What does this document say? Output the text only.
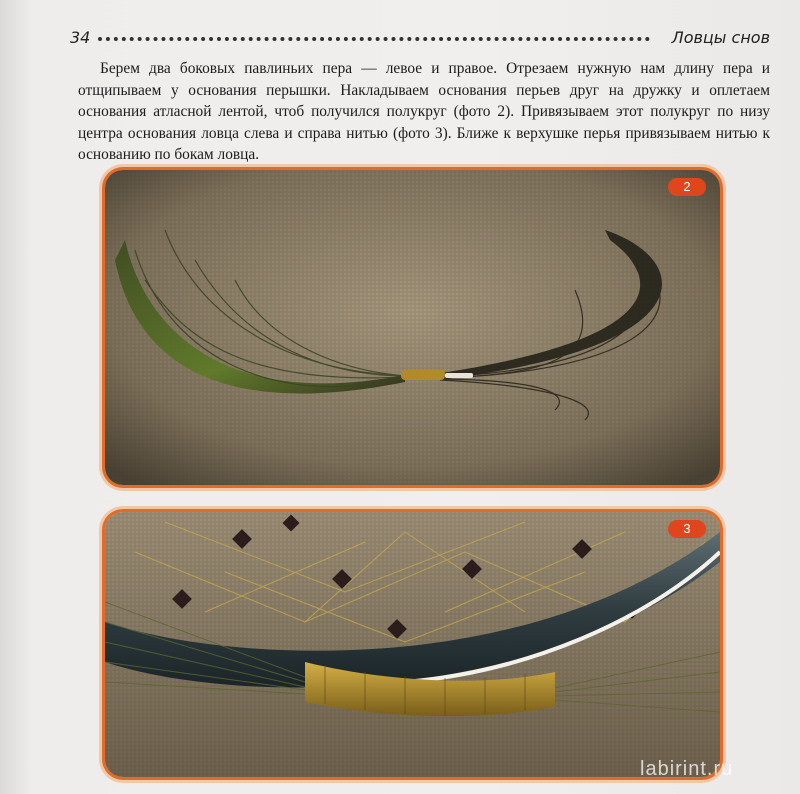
34	Ловцы снов

Берем два боковых павлиньих пера — левое и правое. Отрезаем нужную нам длину пера и отщипываем у основания перышки. Накладываем основания перьев друг на дружку и оплетаем основания атласной лентой, чтоб получился полукруг (фото 2). Привязываем этот полукруг по низу центра основания ловца слева и справа нитью (фото 3). Ближе к верхушке перья привязываем нитью к основанию по бокам ловца.

2
3
labirint.ru
